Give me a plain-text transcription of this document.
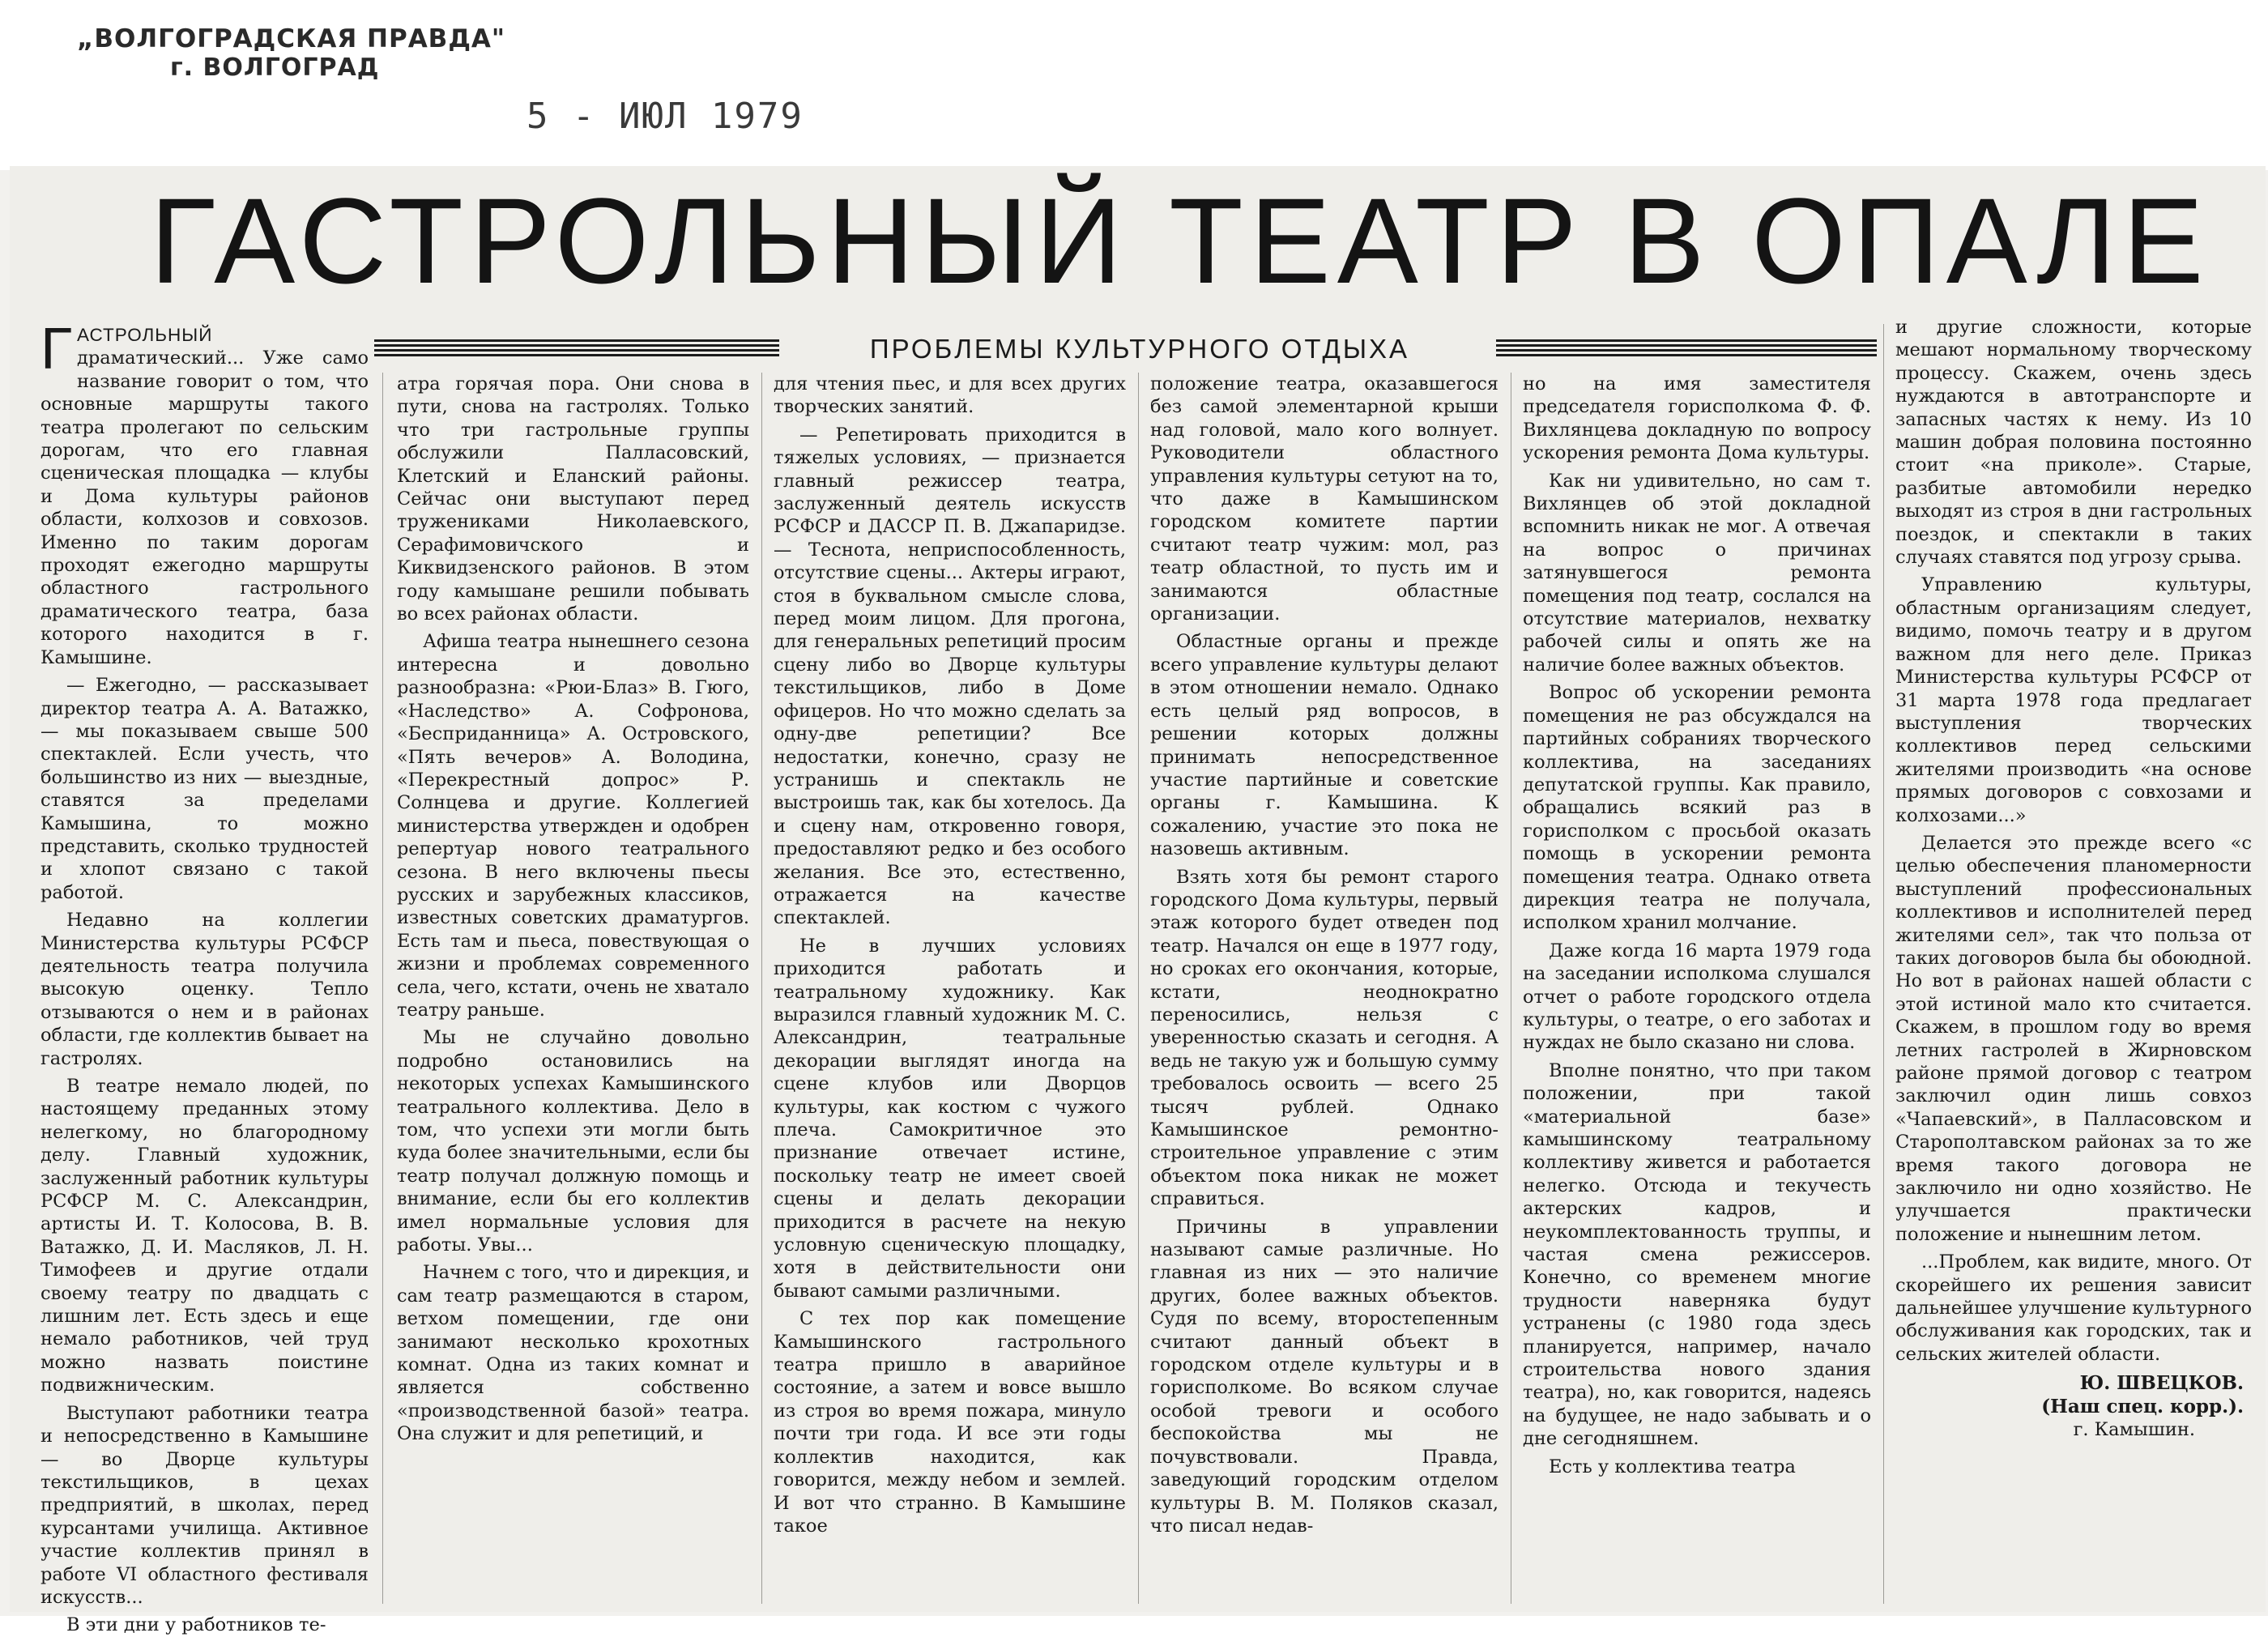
„ВОЛГОГРАДСКАЯ ПРАВДА"
г. ВОЛГОГРАД
5 - ИЮЛ 1979
ГАСТРОЛЬНЫЙ ТЕАТР В ОПАЛЕ
ПРОБЛЕМЫ КУЛЬТУРНОГО ОТДЫХА

ГАСТРОЛЬНЫЙ драматический... Уже само название говорит о том, что основные маршруты такого театра пролегают по сельским дорогам, что его главная сценическая площадка — клубы и Дома культуры районов области, колхозов и совхозов. Именно по таким дорогам проходят ежегодно маршруты областного гастрольного драматического театра, база которого находится в г. Камышине.

— Ежегодно, — рассказывает директор театра А. А. Ватажко, — мы показываем свыше 500 спектаклей. Если учесть, что большинство из них — выездные, ставятся за пределами Камышина, то можно представить, сколько трудностей и хлопот связано с такой работой.

Недавно на коллегии Министерства культуры РСФСР деятельность театра получила высокую оценку. Тепло отзываются о нем и в районах области, где коллектив бывает на гастролях.

В театре немало людей, по настоящему преданных этому нелегкому, но благородному делу. Главный художник, заслуженный работник культуры РСФСР М. С. Александрин, артисты И. Т. Колосова, В. В. Ватажко, Д. И. Масляков, Л. Н. Тимофеев и другие отдали своему театру по двадцать с лишним лет. Есть здесь и еще немало работников, чей труд можно назвать поистине подвижническим.

Выступают работники театра и непосредственно в Камышине — во Дворце культуры текстильщиков, в цехах предприятий, в школах, перед курсантами училища. Активное участие коллектив принял в работе VI областного фестиваля искусств...

В эти дни у работников те-

атра горячая пора. Они снова в пути, снова на гастролях. Только что три гастрольные группы обслужили Палласовский, Клетский и Еланский районы. Сейчас они выступают перед тружениками Николаевского, Серафимовичского и Киквидзенского районов. В этом году камышане решили побывать во всех районах области.

Афиша театра нынешнего сезона интересна и довольно разнообразна: «Рюи-Блаз» В. Гюго, «Наследство» А. Софронова, «Бесприданница» А. Островского, «Пять вечеров» А. Володина, «Перекрестный допрос» Р. Солнцева и другие. Коллегией министерства утвержден и одобрен репертуар нового театрального сезона. В него включены пьесы русских и зарубежных классиков, известных советских драматургов. Есть там и пьеса, повествующая о жизни и проблемах современного села, чего, кстати, очень не хватало театру раньше.

Мы не случайно довольно подробно остановились на некоторых успехах Камышинского театрального коллектива. Дело в том, что успехи эти могли быть куда более значительными, если бы театр получал должную помощь и внимание, если бы его коллектив имел нормальные условия для работы. Увы...

Начнем с того, что и дирекция, и сам театр размещаются в старом, ветхом помещении, где они занимают несколько крохотных комнат. Одна из таких комнат и является собственно «производственной базой» театра. Она служит и для репетиций, и

для чтения пьес, и для всех других творческих занятий.

— Репетировать приходится в тяжелых условиях, — признается главный режиссер театра, заслуженный деятель искусств РСФСР и ДАССР П. В. Джапаридзе. — Теснота, неприспособленность, отсутствие сцены... Актеры играют, стоя в буквальном смысле слова, перед моим лицом. Для прогона, для генеральных репетиций просим сцену либо во Дворце культуры текстильщиков, либо в Доме офицеров. Но что можно сделать за одну-две репетиции? Все недостатки, конечно, сразу не устранишь и спектакль не выстроишь так, как бы хотелось. Да и сцену нам, откровенно говоря, предоставляют редко и без особого желания. Все это, естественно, отражается на качестве спектаклей.

Не в лучших условиях приходится работать и театральному художнику. Как выразился главный художник М. С. Александрин, театральные декорации выглядят иногда на сцене клубов или Дворцов культуры, как костюм с чужого плеча. Самокритичное это признание отвечает истине, поскольку театр не имеет своей сцены и делать декорации приходится в расчете на некую условную сценическую площадку, хотя в действительности они бывают самыми различными.

С тех пор как помещение Камышинского гастрольного театра пришло в аварийное состояние, а затем и вовсе вышло из строя во время пожара, минуло почти три года. И все эти годы коллектив находится, как говорится, между небом и землей. И вот что странно. В Камышине такое

положение театра, оказавшегося без самой элементарной крыши над головой, мало кого волнует. Руководители областного управления культуры сетуют на то, что даже в Камышинском городском комитете партии считают театр чужим: мол, раз театр областной, то пусть им и занимаются областные организации.

Областные органы и прежде всего управление культуры делают в этом отношении немало. Однако есть целый ряд вопросов, в решении которых должны принимать непосредственное участие партийные и советские органы г. Камышина. К сожалению, участие это пока не назовешь активным.

Взять хотя бы ремонт старого городского Дома культуры, первый этаж которого будет отведен под театр. Начался он еще в 1977 году, но сроках его окончания, которые, кстати, неоднократно переносились, нельзя с уверенностью сказать и сегодня. А ведь не такую уж и большую сумму требовалось освоить — всего 25 тысяч рублей. Однако Камышинское ремонтно-строительное управление с этим объектом пока никак не может справиться.

Причины в управлении называют самые различные. Но главная из них — это наличие других, более важных объектов. Судя по всему, второстепенным считают данный объект в городском отделе культуры и в горисполкоме. Во всяком случае особой тревоги и особого беспокойства мы не почувствовали. Правда, заведующий городским отделом культуры В. М. Поляков сказал, что писал недав-

но на имя заместителя председателя горисполкома Ф. Ф. Вихлянцева докладную по вопросу ускорения ремонта Дома культуры.

Как ни удивительно, но сам т. Вихлянцев об этой докладной вспомнить никак не мог. А отвечая на вопрос о причинах затянувшегося ремонта помещения под театр, сослался на отсутствие материалов, нехватку рабочей силы и опять же на наличие более важных объектов.

Вопрос об ускорении ремонта помещения не раз обсуждался на партийных собраниях творческого коллектива, на заседаниях депутатской группы. Как правило, обращались всякий раз в горисполком с просьбой оказать помощь в ускорении ремонта помещения театра. Однако ответа дирекция театра не получала, исполком хранил молчание.

Даже когда 16 марта 1979 года на заседании исполкома слушался отчет о работе городского отдела культуры, о театре, о его заботах и нуждах не было сказано ни слова.

Вполне понятно, что при таком положении, при такой «материальной базе» камышинскому театральному коллективу живется и работается нелегко. Отсюда и текучесть актерских кадров, и неукомплектованность труппы, и частая смена режиссеров. Конечно, со временем многие трудности наверняка будут устранены (с 1980 года здесь планируется, например, начало строительства нового здания театра), но, как говорится, надеясь на будущее, не надо забывать и о дне сегодняшнем.

Есть у коллектива театра

и другие сложности, которые мешают нормальному творческому процессу. Скажем, очень здесь нуждаются в автотранспорте и запасных частях к нему. Из 10 машин добрая половина постоянно стоит «на приколе». Старые, разбитые автомобили нередко выходят из строя в дни гастрольных поездок, и спектакли в таких случаях ставятся под угрозу срыва.

Управлению культуры, областным организациям следует, видимо, помочь театру и в другом важном для него деле. Приказ Министерства культуры РСФСР от 31 марта 1978 года предлагает выступления творческих коллективов перед сельскими жителями производить «на основе прямых договоров с совхозами и колхозами...»

Делается это прежде всего «с целью обеспечения планомерности выступлений профессиональных коллективов и исполнителей перед жителями сел», так что польза от таких договоров была бы обоюдной. Но вот в районах нашей области с этой истиной мало кто считается. Скажем, в прошлом году во время летних гастролей в Жирновском районе прямой договор с театром заключил один лишь совхоз «Чапаевский», в Палласовском и Старополтавском районах за то же время такого договора не заключило ни одно хозяйство. Не улучшается практически положение и нынешним летом.

...Проблем, как видите, много. От скорейшего их решения зависит дальнейшее улучшение культурного обслуживания как городских, так и сельских жителей области.

Ю. ШВЕЦКОВ.
(Наш спец. корр.).
г. Камышин.
